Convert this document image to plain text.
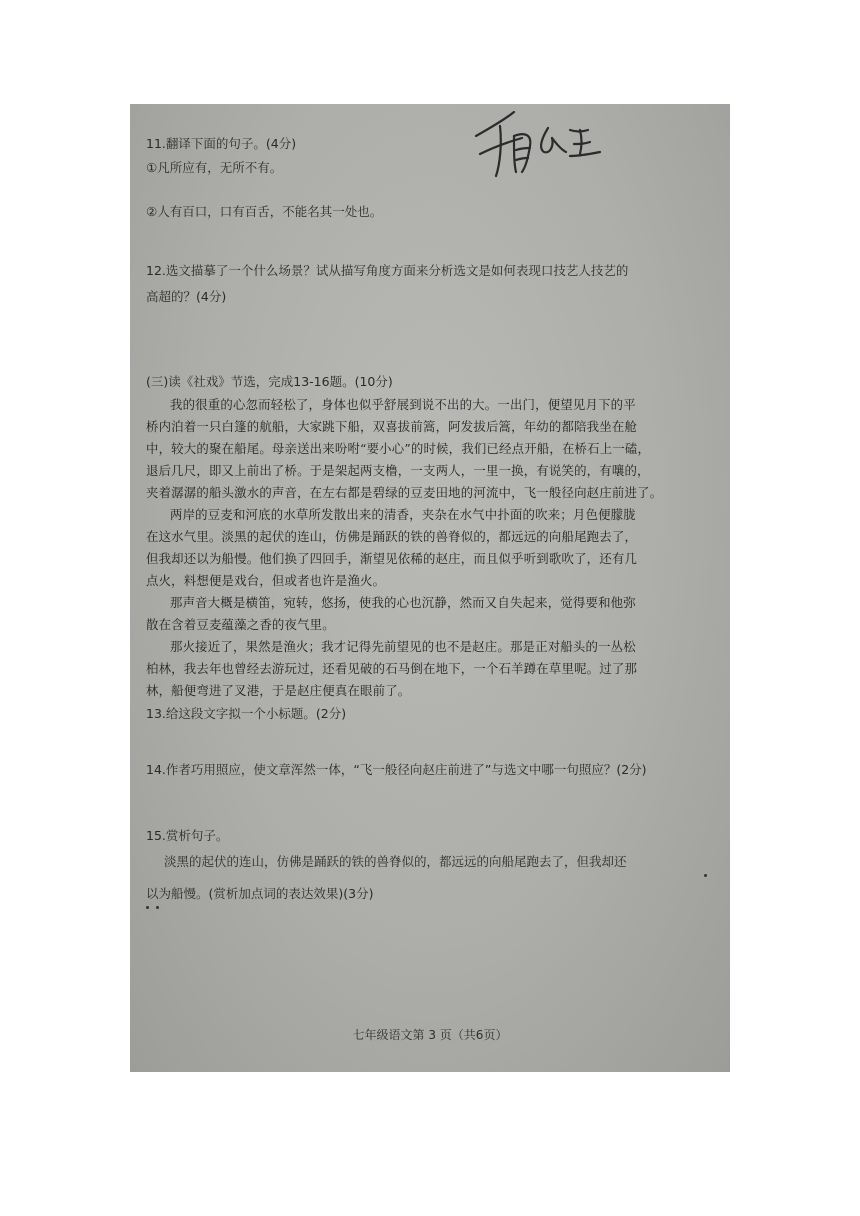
11.翻译下面的句子。(4分)

①凡所应有，无所不有。

②人有百口，口有百舌，不能名其一处也。

12.选文描摹了一个什么场景？试从描写角度方面来分析选文是如何表现口技艺人技艺的

高超的？(4分)

(三)读《社戏》节选，完成13-16题。(10分)

我的很重的心忽而轻松了，身体也似乎舒展到说不出的大。一出门，便望见月下的平

桥内泊着一只白篷的航船，大家跳下船，双喜拔前篙，阿发拔后篙，年幼的都陪我坐在舱

中，较大的聚在船尾。母亲送出来吩咐“要小心”的时候，我们已经点开船，在桥石上一磕，

退后几尺，即又上前出了桥。于是架起两支橹，一支两人，一里一换，有说笑的，有嚷的，

夹着潺潺的船头激水的声音，在左右都是碧绿的豆麦田地的河流中，飞一般径向赵庄前进了。

两岸的豆麦和河底的水草所发散出来的清香，夹杂在水气中扑面的吹来；月色便朦胧

在这水气里。淡黑的起伏的连山，仿佛是踊跃的铁的兽脊似的，都远远的向船尾跑去了，

但我却还以为船慢。他们换了四回手，渐望见依稀的赵庄，而且似乎听到歌吹了，还有几

点火，料想便是戏台，但或者也许是渔火。

那声音大概是横笛，宛转，悠扬，使我的心也沉静，然而又自失起来，觉得要和他弥

散在含着豆麦蕴藻之香的夜气里。

那火接近了，果然是渔火；我才记得先前望见的也不是赵庄。那是正对船头的一丛松

柏林，我去年也曾经去游玩过，还看见破的石马倒在地下，一个石羊蹲在草里呢。过了那

林，船便弯进了叉港，于是赵庄便真在眼前了。

13.给这段文字拟一个小标题。(2分)

14.作者巧用照应，使文章浑然一体，“飞一般径向赵庄前进了”与选文中哪一句照应？(2分)

15.赏析句子。

淡黑的起伏的连山，仿佛是踊跃的铁的兽脊似的，都远远的向船尾跑去了，但我却还

以为船慢。(赏析加点词的表达效果)(3分)

七年级语文第 3 页（共6页）
